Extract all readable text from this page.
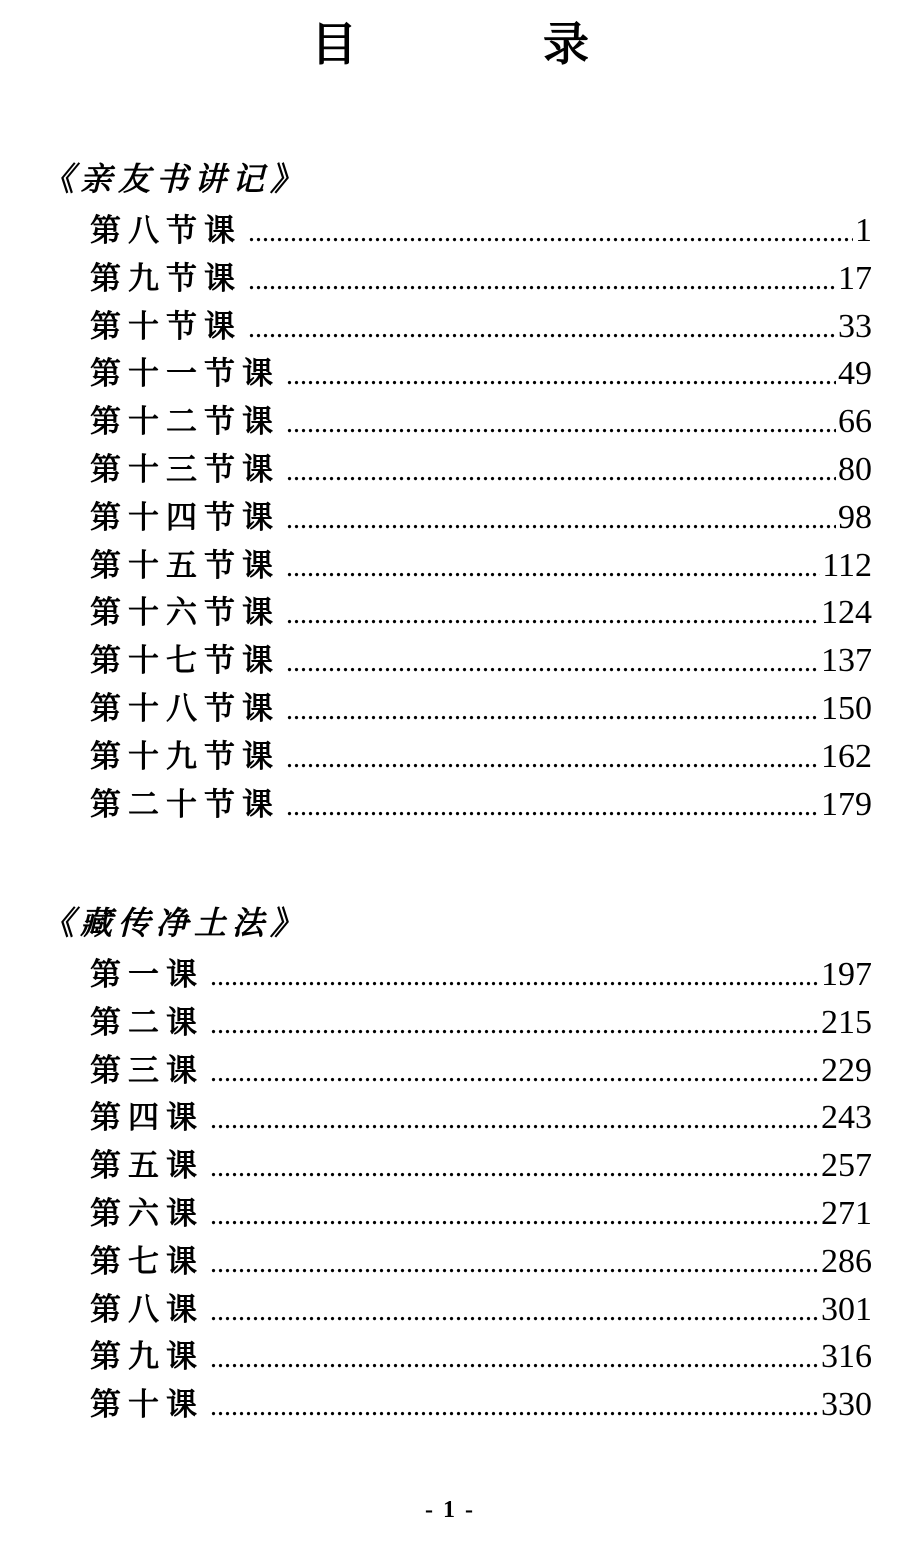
目　录
《亲友书讲记》
第八节课 .....	1
第九节课 .....	17
第十节课 .....	33
第十一节课 .....	49
第十二节课 .....	66
第十三节课 .....	80
第十四节课 .....	98
第十五节课 .....	112
第十六节课 .....	124
第十七节课 .....	137
第十八节课 .....	150
第十九节课 .....	162
第二十节课 .....	179
《藏传净土法》
第一课 .....	197
第二课 .....	215
第三课 .....	229
第四课 .....	243
第五课 .....	257
第六课 .....	271
第七课 .....	286
第八课 .....	301
第九课 .....	316
第十课 .....	330
- 1 -
